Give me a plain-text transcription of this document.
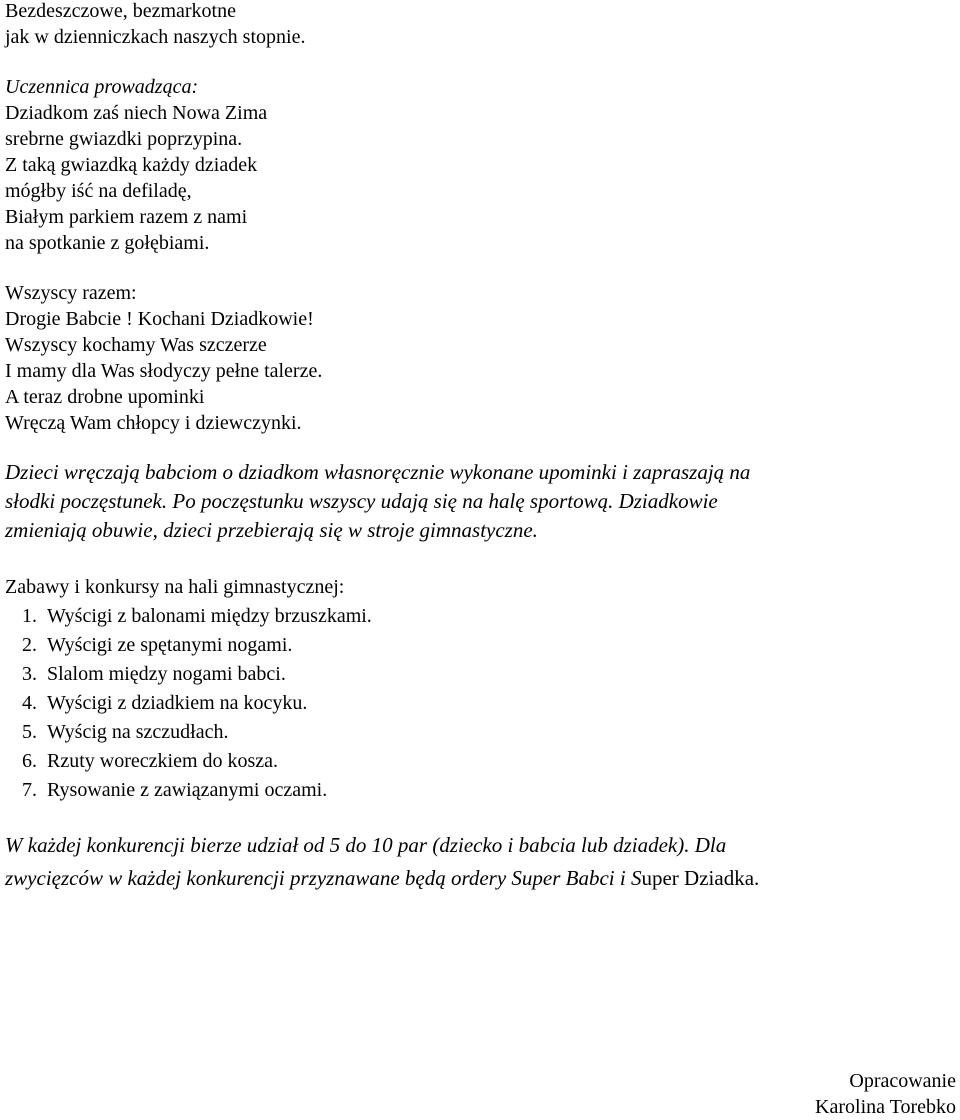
Bezdeszczowe, bezmarkotne
jak w dzienniczkach naszych stopnie.
Uczennica prowadząca:
Dziadkom zaś niech Nowa Zima
srebrne gwiazdki poprzypina.
Z taką gwiazdką każdy dziadek
mógłby iść na defiladę,
Białym parkiem razem z nami
na spotkanie z gołębiami.
Wszyscy razem:
Drogie Babcie ! Kochani Dziadkowie!
Wszyscy kochamy Was szczerze
I mamy dla Was słodyczy pełne talerze.
A teraz drobne upominki
Wręczą Wam chłopcy i dziewczynki.
Dzieci wręczają babciom o dziadkom własnoręcznie wykonane upominki i zapraszają na
słodki poczęstunek. Po poczęstunku wszyscy udają się na halę sportową. Dziadkowie
zmieniają obuwie, dzieci przebierają się w stroje gimnastyczne.
Zabawy i konkursy na hali gimnastycznej:
1. Wyścigi z balonami między brzuszkami.
2. Wyścigi ze spętanymi nogami.
3. Slalom między nogami babci.
4. Wyścigi z dziadkiem na kocyku.
5. Wyścig na szczudłach.
6. Rzuty woreczkiem do kosza.
7. Rysowanie z zawiązanymi oczami.
W każdej konkurencji bierze udział od 5 do 10 par (dziecko i babcia lub dziadek). Dla
zwycięzców w każdej konkurencji przyznawane będą ordery Super Babci i Super Dziadka.
Opracowanie
Karolina Torebko
